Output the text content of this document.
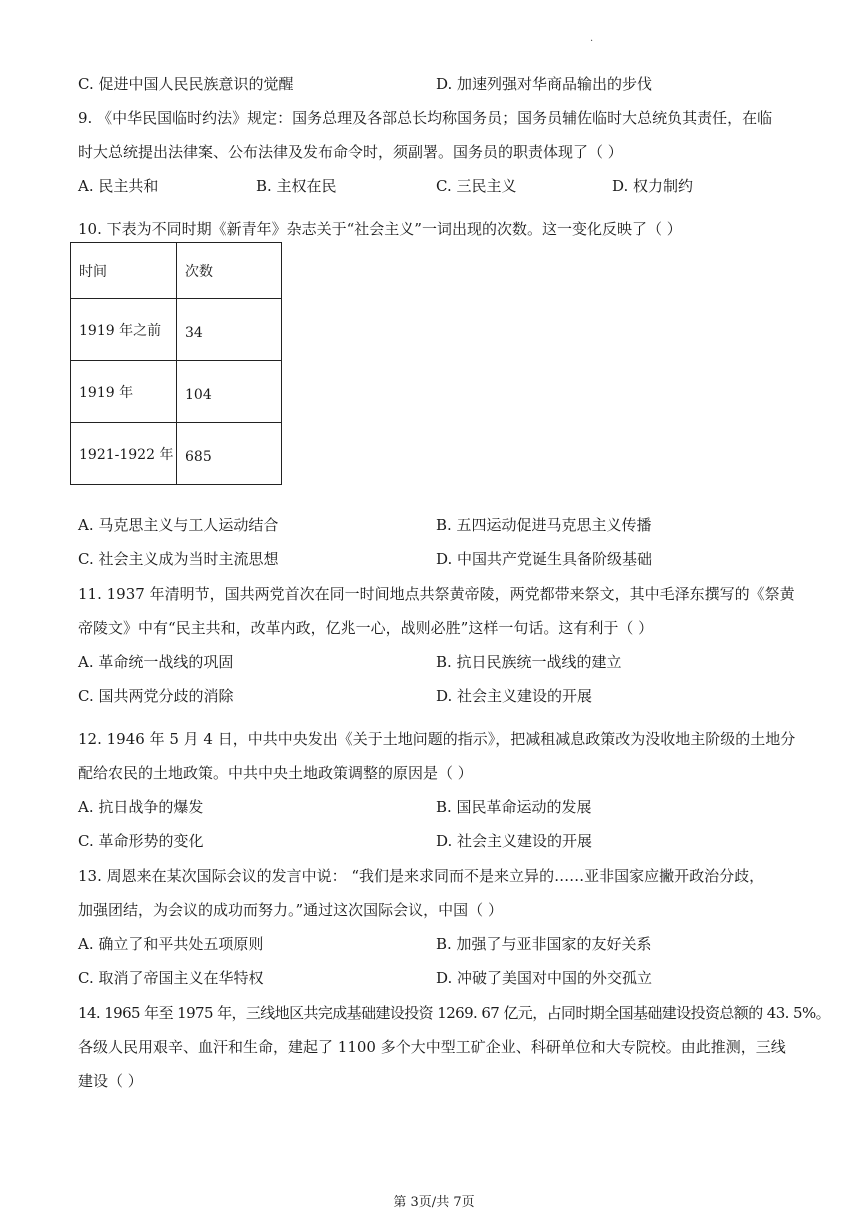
·
C. 促进中国人民民族意识的觉醒	D. 加速列强对华商品输出的步伐
9. 《中华民国临时约法》规定：国务总理及各部总长均称国务员；国务员辅佐临时大总统负其责任，在临
时大总统提出法律案、公布法律及发布命令时，须副署。国务员的职责体现了（ ）
A. 民主共和	B. 主权在民	C. 三民主义	D. 权力制约
10. 下表为不同时期《新青年》杂志关于“社会主义”一词出现的次数。这一变化反映了（ ）
时间	次数
1919 年之前	34
1919 年	104
1921-1922 年	685
A. 马克思主义与工人运动结合	B. 五四运动促进马克思主义传播
C. 社会主义成为当时主流思想	D. 中国共产党诞生具备阶级基础
11. 1937 年清明节，国共两党首次在同一时间地点共祭黄帝陵，两党都带来祭文，其中毛泽东撰写的《祭黄
帝陵文》中有“民主共和，改革内政，亿兆一心，战则必胜”这样一句话。这有利于（ ）
A. 革命统一战线的巩固	B. 抗日民族统一战线的建立
C. 国共两党分歧的消除	D. 社会主义建设的开展
12. 1946 年 5 月 4 日，中共中央发出《关于土地问题的指示》，把减租减息政策改为没收地主阶级的土地分
配给农民的土地政策。中共中央土地政策调整的原因是（ ）
A. 抗日战争的爆发	B. 国民革命运动的发展
C. 革命形势的变化	D. 社会主义建设的开展
13. 周恩来在某次国际会议的发言中说： “我们是来求同而不是来立异的……亚非国家应撇开政治分歧，
加强团结，为会议的成功而努力。”通过这次国际会议，中国（ ）
A. 确立了和平共处五项原则	B. 加强了与亚非国家的友好关系
C. 取消了帝国主义在华特权	D. 冲破了美国对中国的外交孤立
14. 1965 年至 1975 年，三线地区共完成基础建设投资 1269. 67 亿元，占同时期全国基础建设投资总额的 43. 5%。
各级人民用艰辛、血汗和生命，建起了 1100 多个大中型工矿企业、科研单位和大专院校。由此推测，三线
建设（ ）
第 3页/共 7页
